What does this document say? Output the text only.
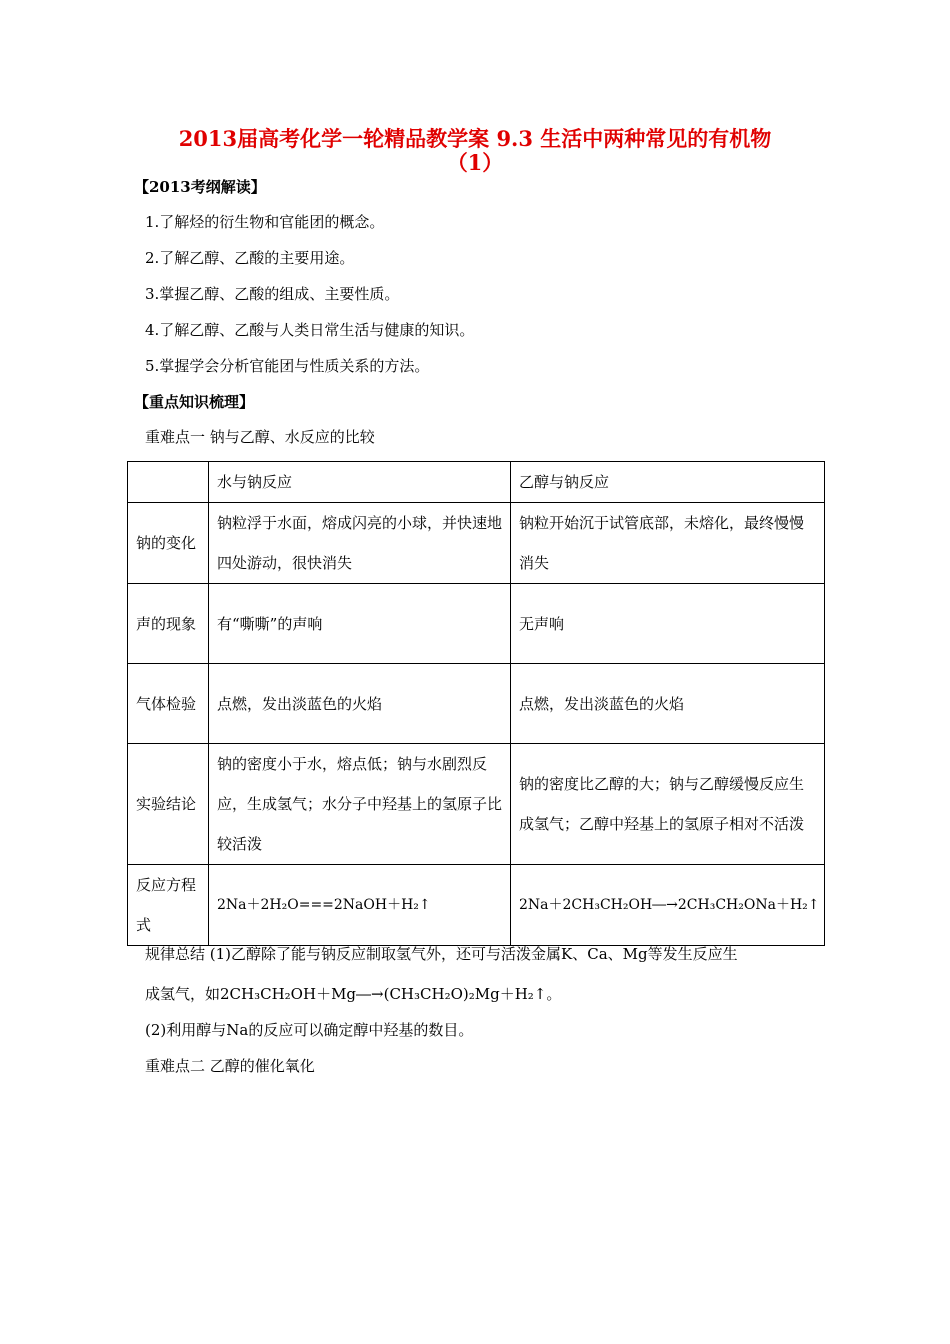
2013届高考化学一轮精品教学案 9.3 生活中两种常见的有机物
（1）
【2013考纲解读】
1.了解烃的衍生物和官能团的概念。
2.了解乙醇、乙酸的主要用途。
3.掌握乙醇、乙酸的组成、主要性质。
4.了解乙醇、乙酸与人类日常生活与健康的知识。
5.掌握学会分析官能团与性质关系的方法。
【重点知识梳理】
重难点一 钠与乙醇、水反应的比较
	水与钠反应	乙醇与钠反应
钠的变化	钠粒浮于水面，熔成闪亮的小球，并快速地四处游动，很快消失	钠粒开始沉于试管底部，未熔化，最终慢慢消失
声的现象	有“嘶嘶”的声响	无声响
气体检验	点燃，发出淡蓝色的火焰	点燃，发出淡蓝色的火焰
实验结论	钠的密度小于水，熔点低；钠与水剧烈反应，生成氢气；水分子中羟基上的氢原子比较活泼	钠的密度比乙醇的大；钠与乙醇缓慢反应生成氢气；乙醇中羟基上的氢原子相对不活泼
反应方程式	2Na＋2H₂O===2NaOH＋H₂↑	2Na＋2CH₃CH₂OH―→2CH₃CH₂ONa＋H₂↑
规律总结 (1)乙醇除了能与钠反应制取氢气外，还可与活泼金属K、Ca、Mg等发生反应生
成氢气，如2CH₃CH₂OH＋Mg―→(CH₃CH₂O)₂Mg＋H₂↑。
(2)利用醇与Na的反应可以确定醇中羟基的数目。
重难点二 乙醇的催化氧化
